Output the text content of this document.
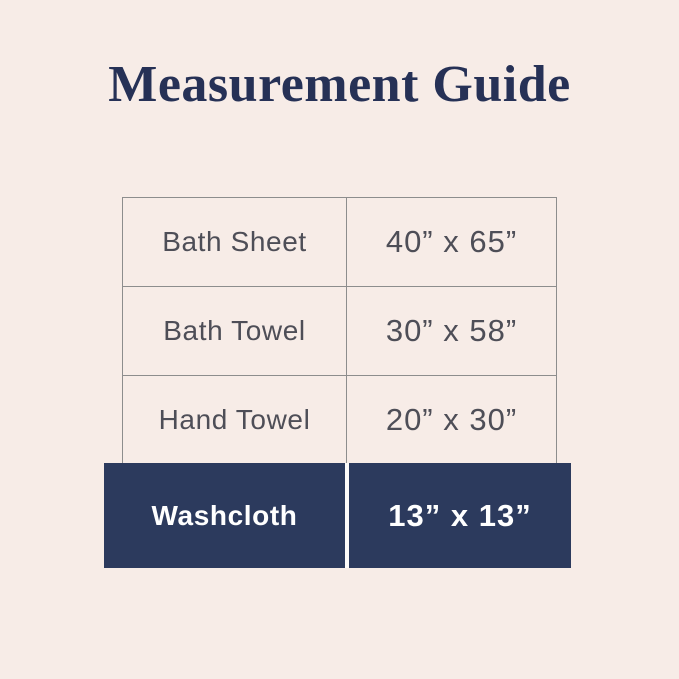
Measurement Guide
Bath Sheet	40” x 65”
Bath Towel	30” x 58”
Hand Towel	20” x 30”
Washcloth	13” x 13”
